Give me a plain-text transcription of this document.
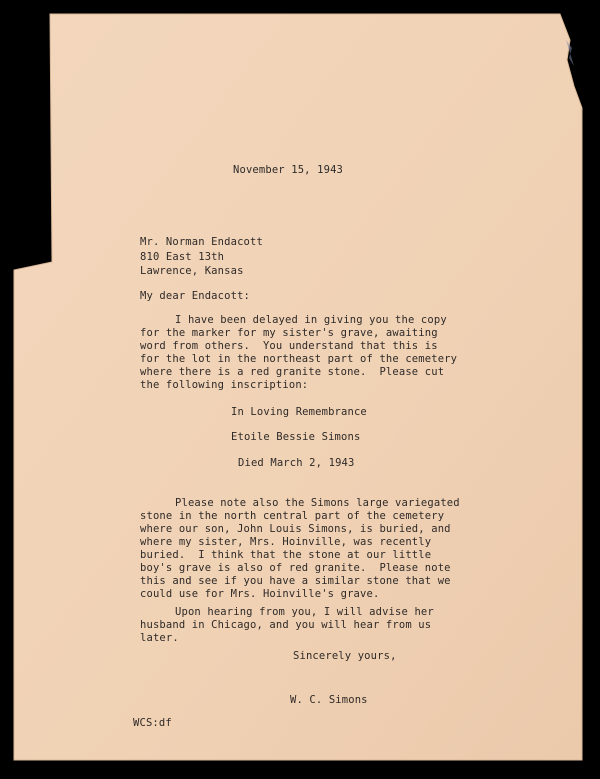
November 15, 1943
Mr. Norman Endacott
810 East 13th
Lawrence, Kansas
My dear Endacott:
I have been delayed in giving you the copy
for the marker for my sister's grave, awaiting
word from others.  You understand that this is
for the lot in the northeast part of the cemetery
where there is a red granite stone.  Please cut
the following inscription:
In Loving Remembrance
Etoile Bessie Simons
Died March 2, 1943
Please note also the Simons large variegated
stone in the north central part of the cemetery
where our son, John Louis Simons, is buried, and
where my sister, Mrs. Hoinville, was recently
buried.  I think that the stone at our little
boy's grave is also of red granite.  Please note
this and see if you have a similar stone that we
could use for Mrs. Hoinville's grave.
Upon hearing from you, I will advise her
husband in Chicago, and you will hear from us
later.
Sincerely yours,
W. C. Simons
WCS:df
